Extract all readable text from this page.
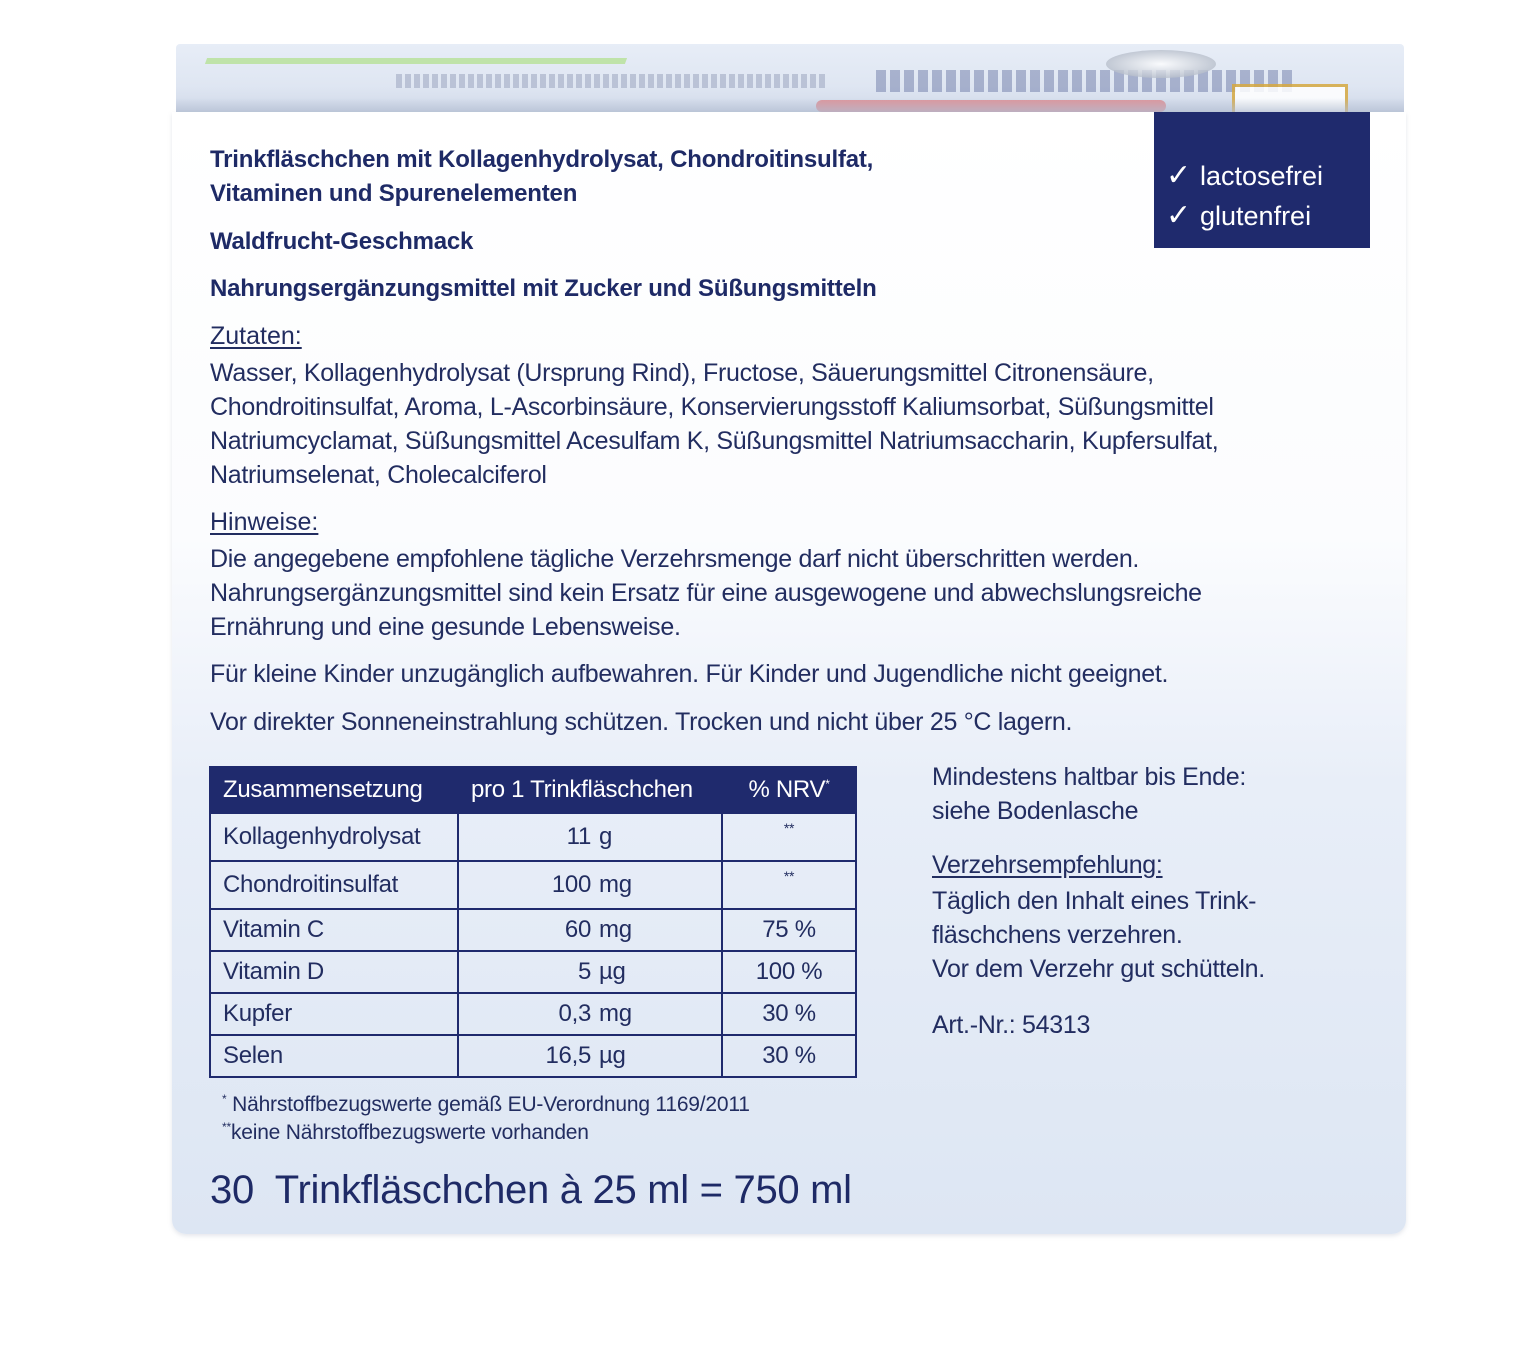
✓ lactosefrei
✓ glutenfrei

Trinkfläschchen mit Kollagenhydrolysat, Chondroitinsulfat,

Vitaminen und Spurenelementen

Waldfrucht-Geschmack

Nahrungsergänzungsmittel mit Zucker und Süßungsmitteln

Zutaten:

Wasser, Kollagenhydrolysat (Ursprung Rind), Fructose, Säuerungsmittel Citronensäure,

Chondroitinsulfat, Aroma, L-Ascorbinsäure, Konservierungsstoff Kaliumsorbat, Süßungsmittel

Natriumcyclamat, Süßungsmittel Acesulfam K, Süßungsmittel Natriumsaccharin, Kupfersulfat,

Natriumselenat, Cholecalciferol

Hinweise:

Die angegebene empfohlene tägliche Verzehrsmenge darf nicht überschritten werden.

Nahrungsergänzungsmittel sind kein Ersatz für eine ausgewogene und abwechslungsreiche

Ernährung und eine gesunde Lebensweise.

Für kleine Kinder unzugänglich aufbewahren. Für Kinder und Jugendliche nicht geeignet.

Vor direkter Sonneneinstrahlung schützen. Trocken und nicht über 25 °C lagern.

Zusammensetzung	pro 1 Trinkfläschchen	% NRV*
Kollagenhydrolysat	11 g	**
Chondroitinsulfat	100 mg	**
Vitamin C	60 mg	75 %
Vitamin D	5 µg	100 %
Kupfer	0,3 mg	30 %
Selen	16,5 µg	30 %
* Nährstoffbezugswerte gemäß EU-Verordnung 1169/2011
**keine Nährstoffbezugswerte vorhanden
30  Trinkfläschchen à 25 ml = 750 ml
Mindestens haltbar bis Ende:
siehe Bodenlasche
Verzehrsempfehlung:
Täglich den Inhalt eines Trink-
fläschchens verzehren.
Vor dem Verzehr gut schütteln.
Art.-Nr.: 54313
